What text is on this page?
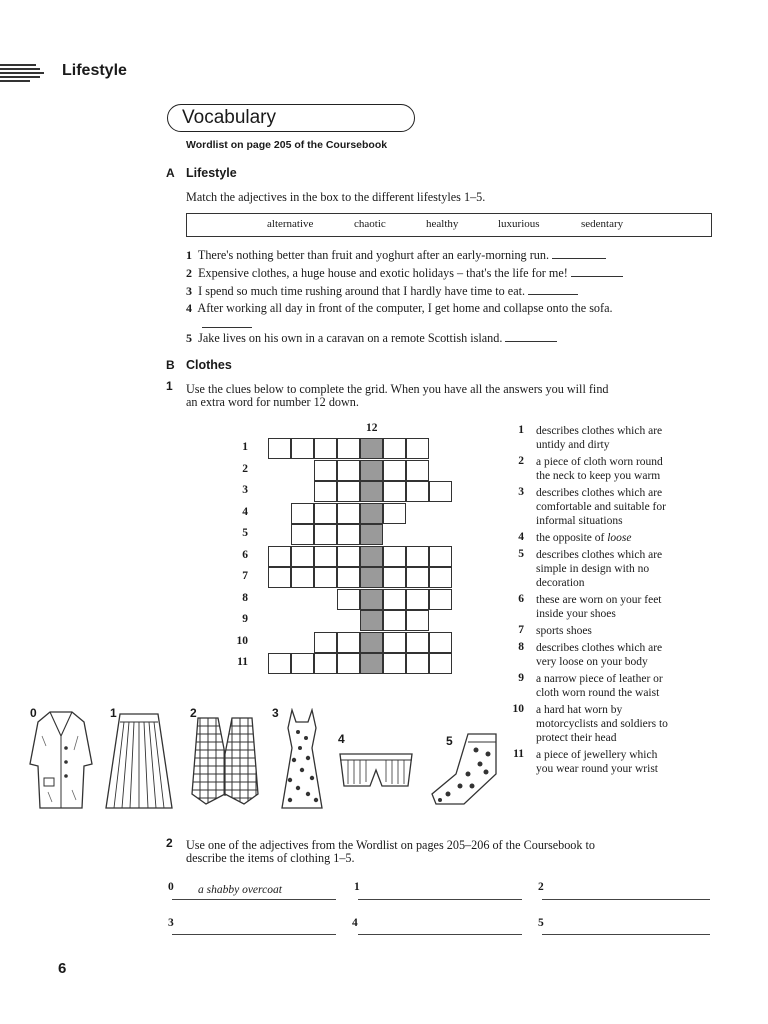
Lifestyle
Vocabulary
Wordlist on page 205 of the Coursebook
A Lifestyle
Match the adjectives in the box to the different lifestyles 1–5.
alternative	chaotic	healthy	luxurious	sedentary
1 There's nothing better than fruit and yoghurt after an early-morning run.
2 Expensive clothes, a huge house and exotic holidays – that's the life for me!
3 I spend so much time rushing around that I hardly have time to eat.
4 After working all day in front of the computer, I get home and collapse onto the sofa.
5 Jake lives on his own in a caravan on a remote Scottish island.
B Clothes
1 Use the clues below to complete the grid. When you have all the answers you will find
an extra word for number 12 down.
12
1
2
3
4
5
6
7
8
9
10
11
1 describes clothes which are
untidy and dirty
2 a piece of cloth worn round
the neck to keep you warm
3 describes clothes which are
comfortable and suitable for
informal situations
4 the opposite of loose
5 describes clothes which are
simple in design with no
decoration
6 these are worn on your feet
inside your shoes
7 sports shoes
8 describes clothes which are
very loose on your body
9 a narrow piece of leather or
cloth worn round the waist
10 a hard hat worn by
motorcyclists and soldiers to
protect their head
11 a piece of jewellery which
you wear round your wrist
0	1	2	3
4	5
2 Use one of the adjectives from the Wordlist on pages 205–206 of the Coursebook to
describe the items of clothing 1–5.
0 a shabby overcoat	1	2
3	4	5
6
